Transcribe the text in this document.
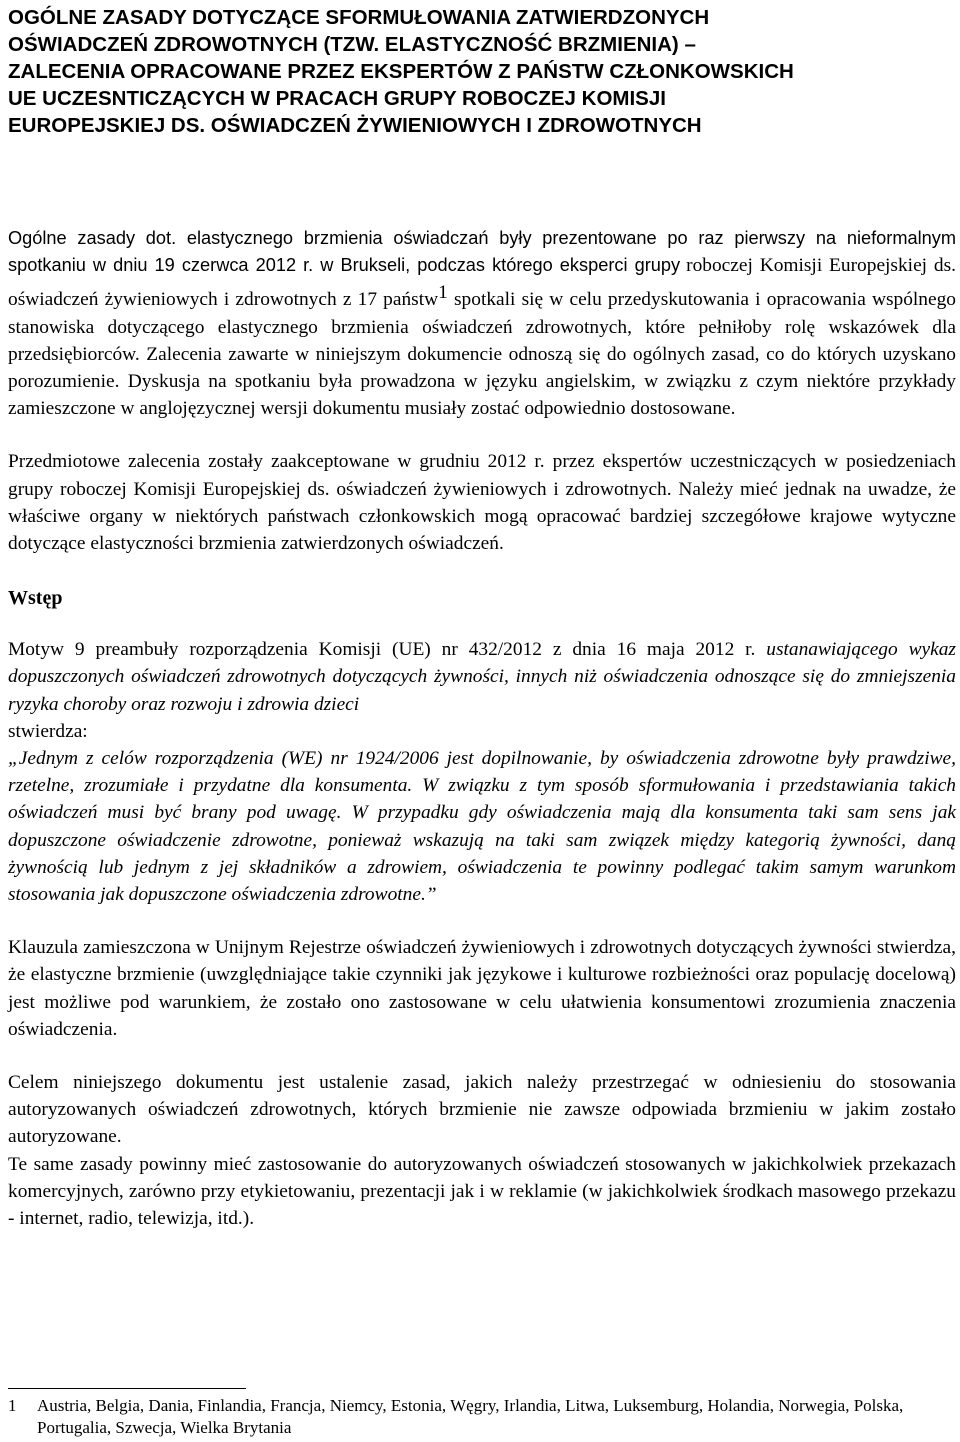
OGÓLNE ZASADY DOTYCZĄCE SFORMUŁOWANIA ZATWIERDZONYCH
OŚWIADCZEŃ ZDROWOTNYCH (TZW. ELASTYCZNOŚĆ BRZMIENIA) –
ZALECENIA OPRACOWANE PRZEZ EKSPERTÓW Z PAŃSTW CZŁONKOWSKICH
UE UCZESNTICZĄCYCH W PRACACH GRUPY ROBOCZEJ KOMISJI
EUROPEJSKIEJ DS. OŚWIADCZEŃ ŻYWIENIOWYCH I ZDROWOTNYCH

Ogólne zasady dot. elastycznego brzmienia oświadczań były prezentowane po raz pierwszy na nieformalnym spotkaniu w dniu 19 czerwca 2012 r. w Brukseli, podczas którego eksperci grupy roboczej Komisji Europejskiej ds. oświadczeń żywieniowych i zdrowotnych z 17 państw$^1$ spotkali się w celu przedyskutowania i opracowania wspólnego stanowiska dotyczącego elastycznego brzmienia oświadczeń zdrowotnych, które pełniłoby rolę wskazówek dla przedsiębiorców. Zalecenia zawarte w niniejszym dokumencie odnoszą się do ogólnych zasad, co do których uzyskano porozumienie. Dyskusja na spotkaniu była prowadzona w języku angielskim, w związku z czym niektóre przykłady zamieszczone w anglojęzycznej wersji dokumentu musiały zostać odpowiednio dostosowane.

Przedmiotowe zalecenia zostały zaakceptowane w grudniu 2012 r. przez ekspertów uczestniczących w posiedzeniach grupy roboczej Komisji Europejskiej ds. oświadczeń żywieniowych i zdrowotnych. Należy mieć jednak na uwadze, że właściwe organy w niektórych państwach członkowskich mogą opracować bardziej szczegółowe krajowe wytyczne dotyczące elastyczności brzmienia zatwierdzonych oświadczeń.

Wstęp

Motyw 9 preambuły rozporządzenia Komisji (UE) nr 432/2012 z dnia 16 maja 2012 r. ustanawiającego wykaz dopuszczonych oświadczeń zdrowotnych dotyczących żywności, innych niż oświadczenia odnoszące się do zmniejszenia ryzyka choroby oraz rozwoju i zdrowia dzieci

stwierdza:

„Jednym z celów rozporządzenia (WE) nr 1924/2006 jest dopilnowanie, by oświadczenia zdrowotne były prawdziwe, rzetelne, zrozumiałe i przydatne dla konsumenta. W związku z tym sposób sformułowania i przedstawiania takich oświadczeń musi być brany pod uwagę. W przypadku gdy oświadczenia mają dla konsumenta taki sam sens jak dopuszczone oświadczenie zdrowotne, ponieważ wskazują na taki sam związek między kategorią żywności, daną żywnością lub jednym z jej składników a zdrowiem, oświadczenia te powinny podlegać takim samym warunkom stosowania jak dopuszczone oświadczenia zdrowotne.”

Klauzula zamieszczona w Unijnym Rejestrze oświadczeń żywieniowych i zdrowotnych dotyczących żywności stwierdza, że elastyczne brzmienie (uwzględniające takie czynniki jak językowe i kulturowe rozbieżności oraz populację docelową) jest możliwe pod warunkiem, że zostało ono zastosowane w celu ułatwienia konsumentowi zrozumienia znaczenia oświadczenia.

Celem niniejszego dokumentu jest ustalenie zasad, jakich należy przestrzegać w odniesieniu do stosowania autoryzowanych oświadczeń zdrowotnych, których brzmienie nie zawsze odpowiada brzmieniu w jakim zostało autoryzowane.

Te same zasady powinny mieć zastosowanie do autoryzowanych oświadczeń stosowanych w jakichkolwiek przekazach komercyjnych, zarówno przy etykietowaniu, prezentacji jak i w reklamie (w jakichkolwiek środkach masowego przekazu - internet, radio, telewizja, itd.).

1 Austria, Belgia, Dania, Finlandia, Francja, Niemcy, Estonia, Węgry, Irlandia, Litwa, Luksemburg, Holandia, Norwegia, Polska, Portugalia, Szwecja, Wielka Brytania
